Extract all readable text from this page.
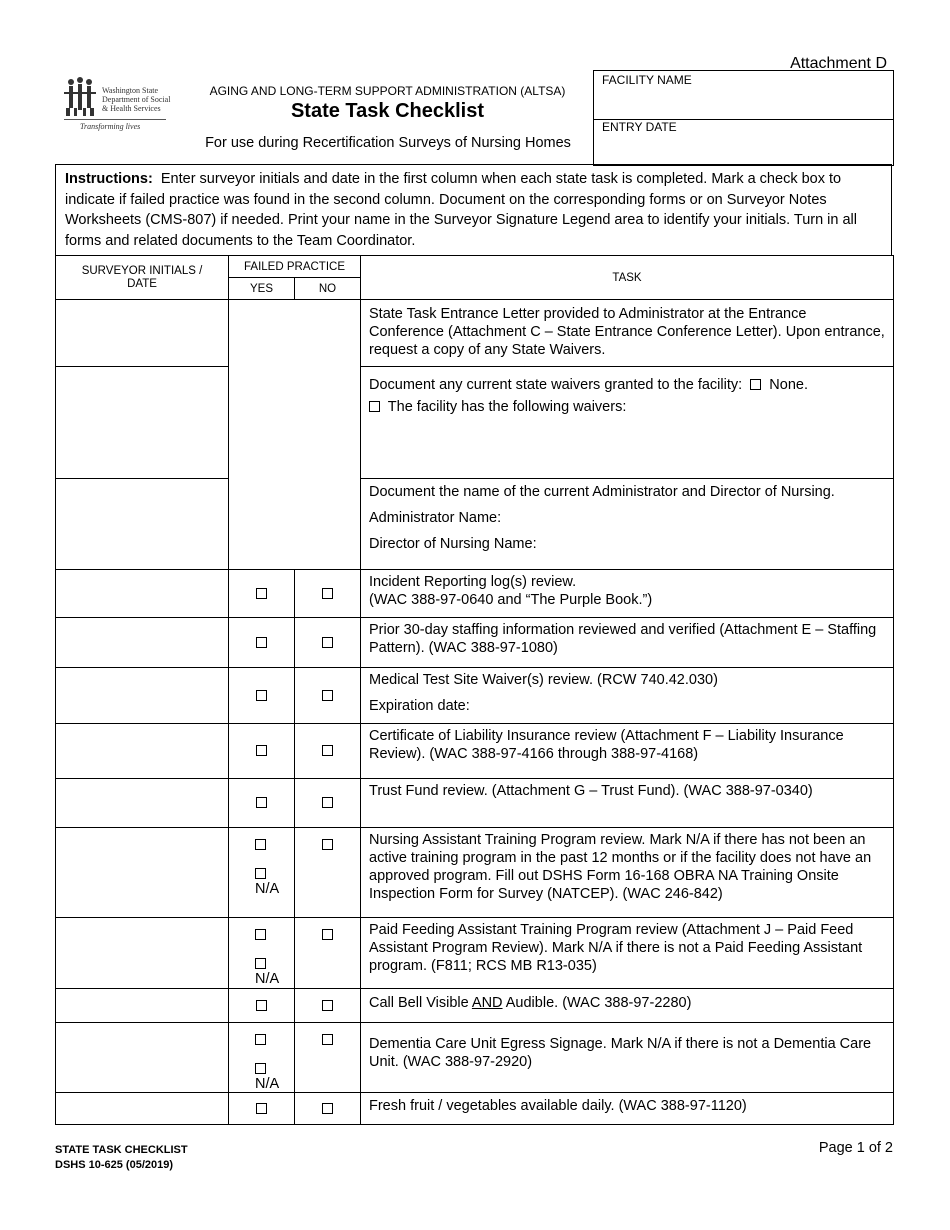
Attachment D
Washington State
Department of Social
& Health Services
Transforming lives
AGING AND LONG-TERM SUPPORT ADMINISTRATION (ALTSA)
State Task Checklist
For use during Recertification Surveys of Nursing Homes
FACILITY NAME
ENTRY DATE
Instructions: Enter surveyor initials and date in the first column when each state task is completed. Mark a check box to indicate if failed practice was found in the second column. Document on the corresponding forms or on Surveyor Notes Worksheets (CMS-807) if needed. Print your name in the Surveyor Signature Legend area to identify your initials. Turn in all forms and related documents to the Team Coordinator.
SURVEYOR INITIALS / DATE	FAILED PRACTICE		TASK
	YES	NO	

			State Task Entrance Letter provided to Administrator at the Entrance Conference (Attachment C – State Entrance Conference Letter). Upon entrance, request a copy of any State Waivers.

			Document any current state waivers granted to the facility: None.

The facility has the following waivers:

			Document the name of the current Administrator and Director of Nursing.

Administrator Name:

Director of Nursing Name:

			Incident Reporting log(s) review.

(WAC 388-97-0640 and “The Purple Book.”)

			Prior 30-day staffing information reviewed and verified (Attachment E – Staffing Pattern). (WAC 388-97-1080)

			Medical Test Site Waiver(s) review. (RCW 740.42.030)

Expiration date:

			Certificate of Liability Insurance review (Attachment F – Liability Insurance Review). (WAC 388-97-4166 through 388-97-4168)

			Trust Fund review. (Attachment G – Trust Fund). (WAC 388-97-0340)

	N/A		Nursing Assistant Training Program review. Mark N/A if there has not been an active training program in the past 12 months or if the facility does not have an approved program. Fill out DSHS Form 16-168 OBRA NA Training Onsite Inspection Form for Survey (NATCEP). (WAC 246-842)

	N/A		Paid Feeding Assistant Training Program review (Attachment J – Paid Feed Assistant Program Review). Mark N/A if there is not a Paid Feeding Assistant program. (F811; RCS MB R13-035)

			Call Bell Visible AND Audible. (WAC 388-97-2280)

	N/A		Dementia Care Unit Egress Signage. Mark N/A if there is not a Dementia Care Unit. (WAC 388-97-2920)

			Fresh fruit / vegetables available daily. (WAC 388-97-1120)

STATE TASK CHECKLIST
DSHS 10-625 (05/2019)
Page 1 of 2
